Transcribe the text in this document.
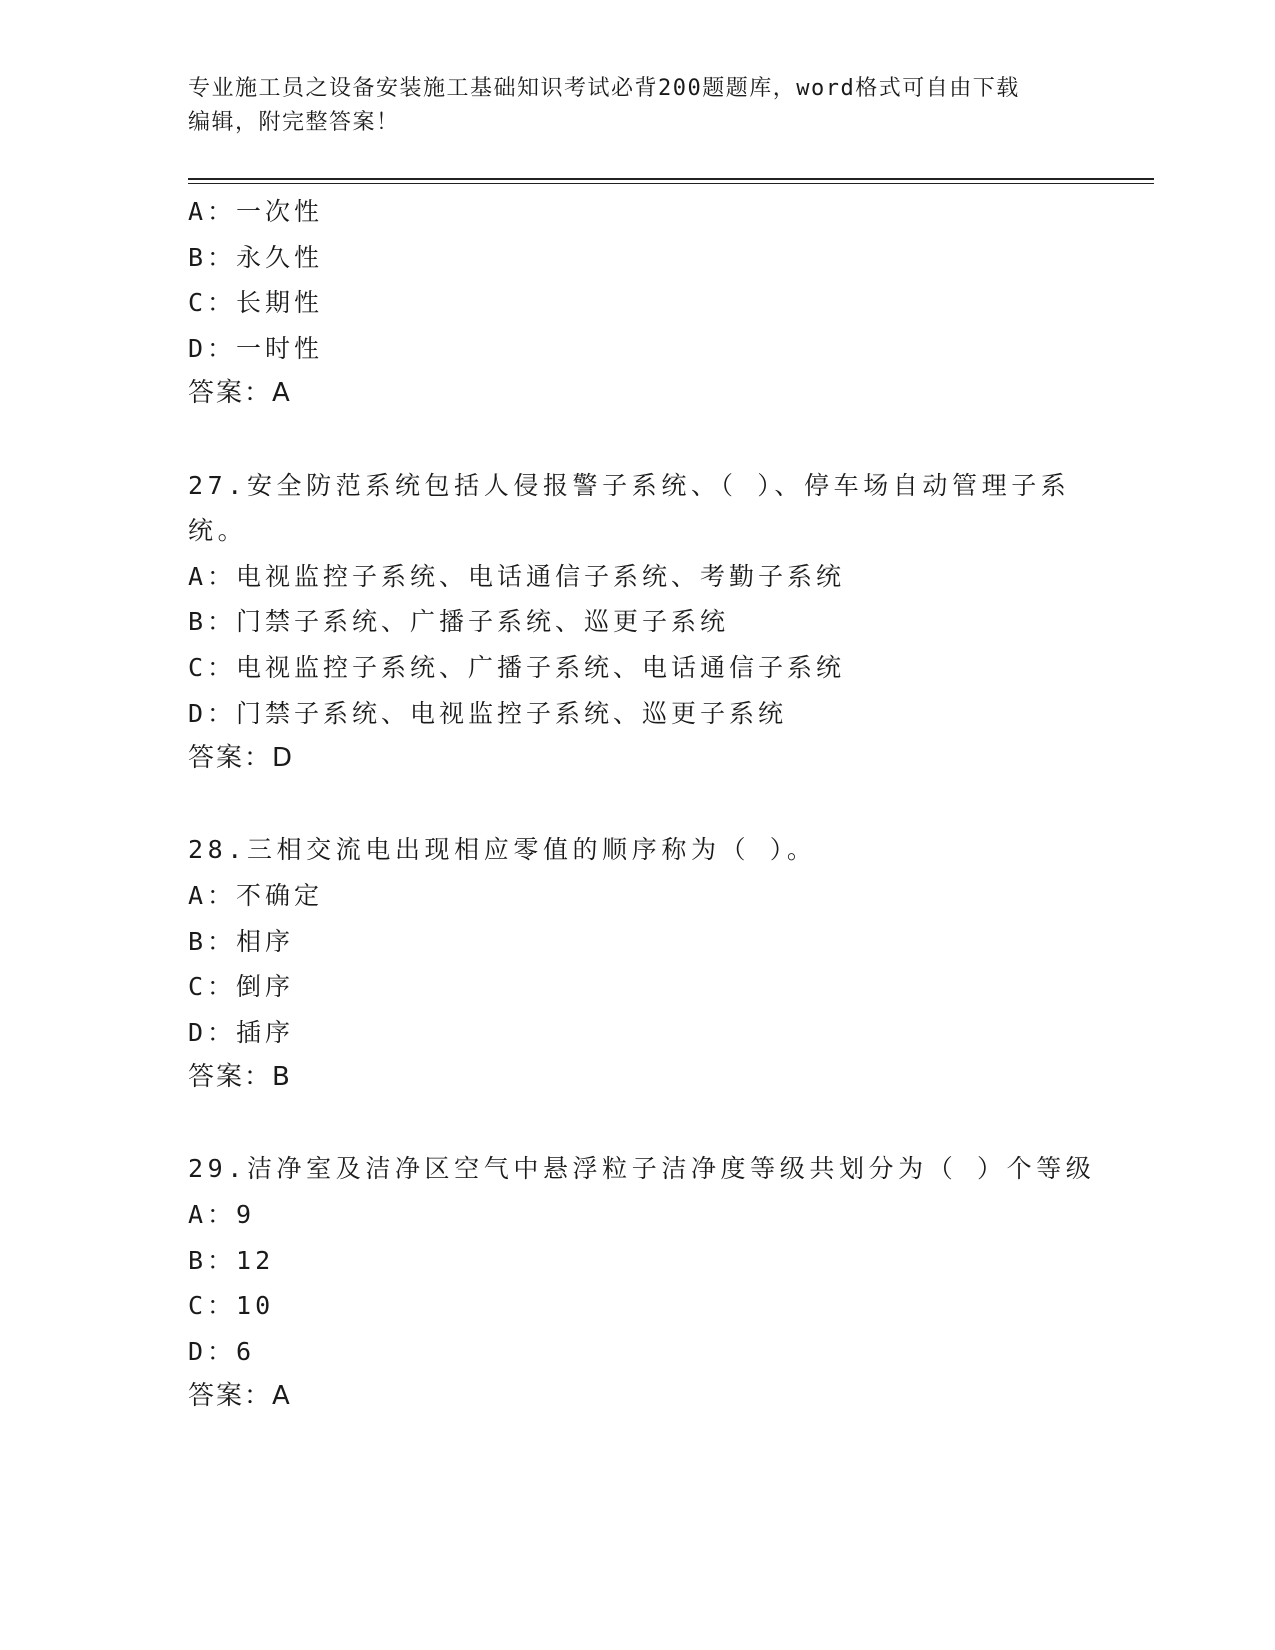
专业施工员之设备安装施工基础知识考试必背200题题库，word格式可自由下载
编辑，附完整答案！
A：一次性
B：永久性
C：长期性
D：一时性
答案：A
27.安全防范系统包括人侵报警子系统、（ ）、停车场自动管理子系
统。
A：电视监控子系统、电话通信子系统、考勤子系统
B：门禁子系统、广播子系统、巡更子系统
C：电视监控子系统、广播子系统、电话通信子系统
D：门禁子系统、电视监控子系统、巡更子系统
答案：D
28.三相交流电出现相应零值的顺序称为（ ）。
A：不确定
B：相序
C：倒序
D：插序
答案：B
29.洁净室及洁净区空气中悬浮粒子洁净度等级共划分为（ ）个等级
A：9
B：12
C：10
D：6
答案：A
